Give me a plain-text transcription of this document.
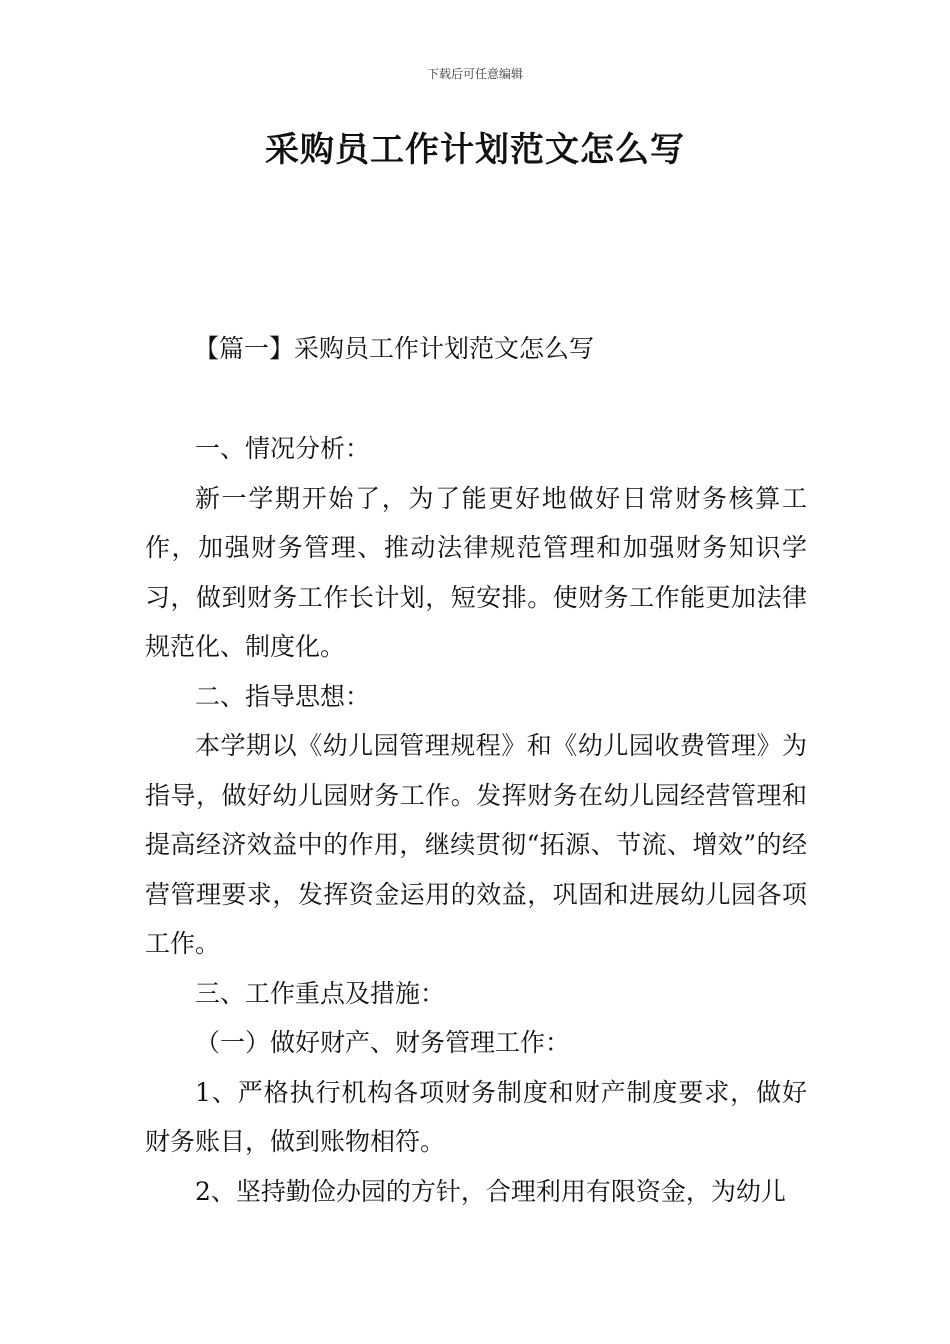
下载后可任意编辑
采购员工作计划范文怎么写
【篇一】采购员工作计划范文怎么写

一、情况分析：

新一学期开始了，为了能更好地做好日常财务核算工作，加强财务管理、推动法律规范管理和加强财务知识学习，做到财务工作长计划，短安排。使财务工作能更加法律规范化、制度化。

二、指导思想：

本学期以《幼儿园管理规程》和《幼儿园收费管理》为指导，做好幼儿园财务工作。发挥财务在幼儿园经营管理和提高经济效益中的作用，继续贯彻“拓源、节流、增效”的经营管理要求，发挥资金运用的效益，巩固和进展幼儿园各项工作。

三、工作重点及措施：

（一）做好财产、财务管理工作：

1、严格执行机构各项财务制度和财产制度要求，做好财务账目，做到账物相符。

2、坚持勤俭办园的方针，合理利用有限资金，为幼儿
